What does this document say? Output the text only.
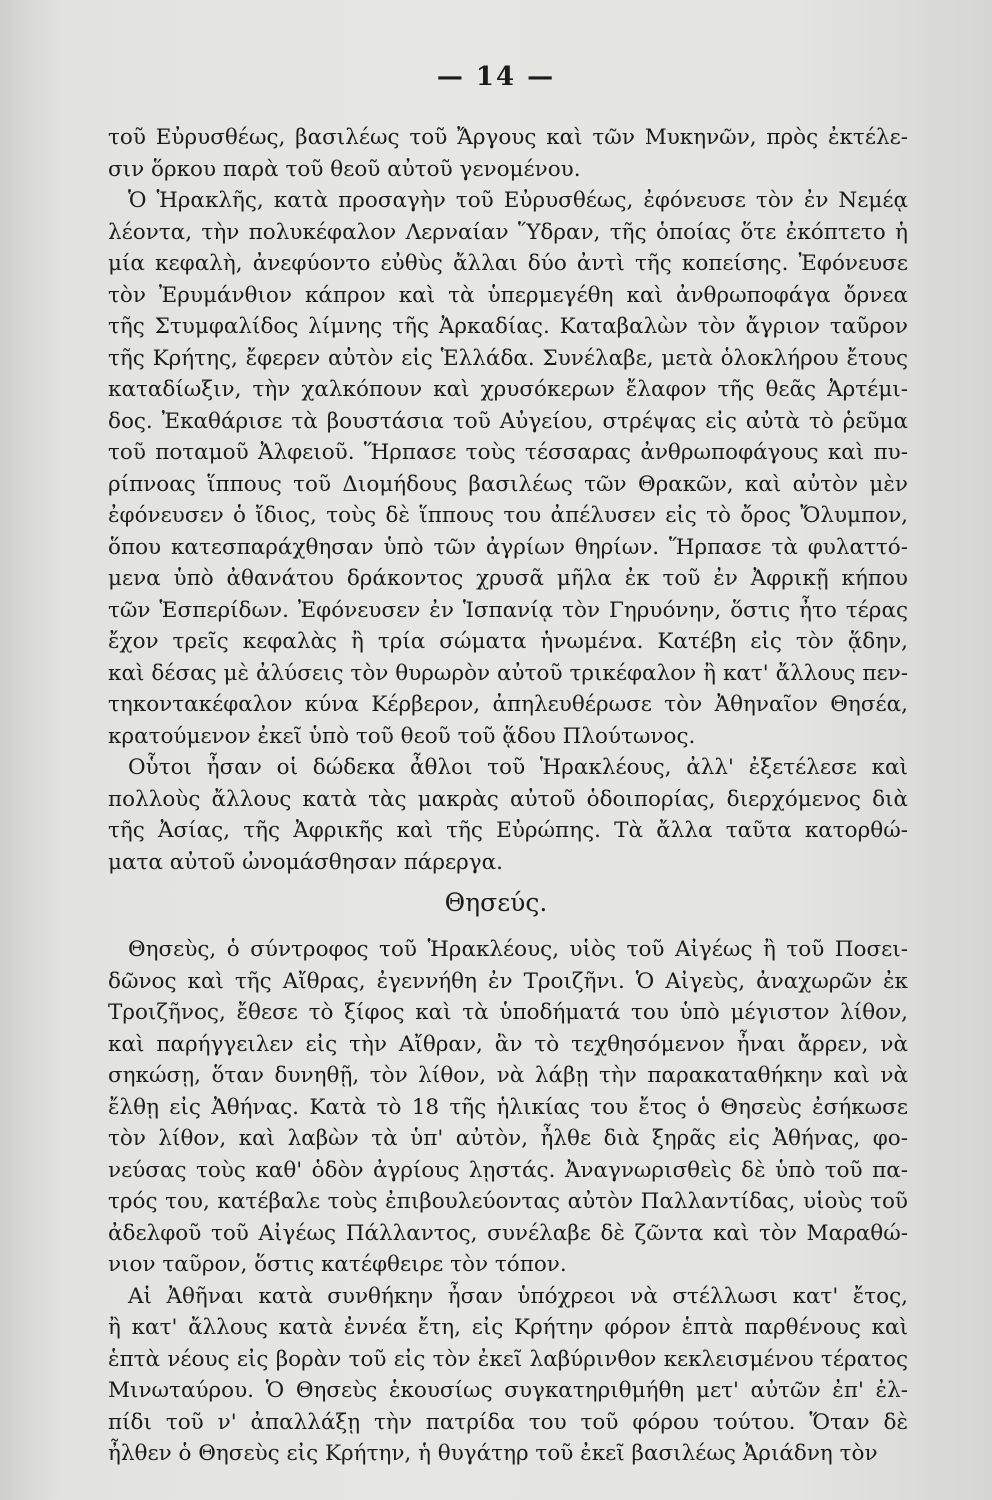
— 14 —
τοῦ Εὐρυσθέως, βασιλέως τοῦ Ἄργους καὶ τῶν Μυκηνῶν, πρὸς ἐκτέλε-
σιν ὅρκου παρὰ τοῦ θεοῦ αὐτοῦ γενομένου.
Ὁ Ἡρακλῆς, κατὰ προσαγὴν τοῦ Εὐρυσθέως, ἐφόνευσε τὸν ἐν Νεμέᾳ
λέοντα, τὴν πολυκέφαλον Λερναίαν Ὕδραν, τῆς ὁποίας ὅτε ἐκόπτετο ἡ
μία κεφαλὴ, ἀνεφύοντο εὐθὺς ἄλλαι δύο ἀντὶ τῆς κοπείσης. Ἐφόνευσε
τὸν Ἐρυμάνθιον κάπρον καὶ τὰ ὑπερμεγέθη καὶ ἀνθρωποφάγα ὄρνεα
τῆς Στυμφαλίδος λίμνης τῆς Ἀρκαδίας. Καταβαλὼν τὸν ἄγριον ταῦρον
τῆς Κρήτης, ἔφερεν αὐτὸν εἰς Ἑλλάδα. Συνέλαβε, μετὰ ὁλοκλήρου ἔτους
καταδίωξιν, τὴν χαλκόπουν καὶ χρυσόκερων ἔλαφον τῆς θεᾶς Ἀρτέμι-
δος. Ἐκαθάρισε τὰ βουστάσια τοῦ Αὐγείου, στρέψας εἰς αὐτὰ τὸ ῥεῦμα
τοῦ ποταμοῦ Ἀλφειοῦ. Ἥρπασε τοὺς τέσσαρας ἀνθρωποφάγους καὶ πυ-
ρίπνοας ἵππους τοῦ Διομήδους βασιλέως τῶν Θρακῶν, καὶ αὐτὸν μὲν
ἐφόνευσεν ὁ ἴδιος, τοὺς δὲ ἵππους του ἀπέλυσεν εἰς τὸ ὄρος Ὄλυμπον,
ὅπου κατεσπαράχθησαν ὑπὸ τῶν ἀγρίων θηρίων. Ἥρπασε τὰ φυλαττό-
μενα ὑπὸ ἀθανάτου δράκοντος χρυσᾶ μῆλα ἐκ τοῦ ἐν Ἀφρικῇ κήπου
τῶν Ἑσπερίδων. Ἐφόνευσεν ἐν Ἱσπανίᾳ τὸν Γηρυόνην, ὅστις ἦτο τέρας
ἔχον τρεῖς κεφαλὰς ἢ τρία σώματα ἡνωμένα. Κατέβη εἰς τὸν ᾅδην,
καὶ δέσας μὲ ἀλύσεις τὸν θυρωρὸν αὐτοῦ τρικέφαλον ἢ κατ' ἄλλους πεν-
τηκοντακέφαλον κύνα Κέρβερον, ἀπηλευθέρωσε τὸν Ἀθηναῖον Θησέα,
κρατούμενον ἐκεῖ ὑπὸ τοῦ θεοῦ τοῦ ᾅδου Πλούτωνος.
Οὗτοι ἦσαν οἱ δώδεκα ἆθλοι τοῦ Ἡρακλέους, ἀλλ' ἐξετέλεσε καὶ
πολλοὺς ἄλλους κατὰ τὰς μακρὰς αὐτοῦ ὁδοιπορίας, διερχόμενος διὰ
τῆς Ἀσίας, τῆς Ἀφρικῆς καὶ τῆς Εὐρώπης. Τὰ ἄλλα ταῦτα κατορθώ-
ματα αὐτοῦ ὠνομάσθησαν πάρεργα.
Θησεύς.
Θησεὺς, ὁ σύντροφος τοῦ Ἡρακλέους, υἱὸς τοῦ Αἰγέως ἢ τοῦ Ποσει-
δῶνος καὶ τῆς Αἴθρας, ἐγεννήθη ἐν Τροιζῆνι. Ὁ Αἰγεὺς, ἀναχωρῶν ἐκ
Τροιζῆνος, ἔθεσε τὸ ξίφος καὶ τὰ ὑποδήματά του ὑπὸ μέγιστον λίθον,
καὶ παρήγγειλεν εἰς τὴν Αἴθραν, ἂν τὸ τεχθησόμενον ἦναι ἄρρεν, νὰ
σηκώσῃ, ὅταν δυνηθῇ, τὸν λίθον, νὰ λάβῃ τὴν παρακαταθήκην καὶ νὰ
ἔλθῃ εἰς Ἀθήνας. Κατὰ τὸ 18 τῆς ἡλικίας του ἔτος ὁ Θησεὺς ἐσήκωσε
τὸν λίθον, καὶ λαβὼν τὰ ὑπ' αὐτὸν, ἦλθε διὰ ξηρᾶς εἰς Ἀθήνας, φο-
νεύσας τοὺς καθ' ὁδὸν ἀγρίους λῃστάς. Ἀναγνωρισθεὶς δὲ ὑπὸ τοῦ πα-
τρός του, κατέβαλε τοὺς ἐπιβουλεύοντας αὐτὸν Παλλαντίδας, υἱοὺς τοῦ
ἀδελφοῦ τοῦ Αἰγέως Πάλλαντος, συνέλαβε δὲ ζῶντα καὶ τὸν Μαραθώ-
νιον ταῦρον, ὅστις κατέφθειρε τὸν τόπον.
Αἱ Ἀθῆναι κατὰ συνθήκην ἦσαν ὑπόχρεοι νὰ στέλλωσι κατ' ἔτος,
ἢ κατ' ἄλλους κατὰ ἐννέα ἔτη, εἰς Κρήτην φόρον ἑπτὰ παρθένους καὶ
ἑπτὰ νέους εἰς βορὰν τοῦ εἰς τὸν ἐκεῖ λαβύρινθον κεκλεισμένου τέρατος
Μινωταύρου. Ὁ Θησεὺς ἑκουσίως συγκατηριθμήθη μετ' αὐτῶν ἐπ' ἐλ-
πίδι τοῦ ν' ἀπαλλάξῃ τὴν πατρίδα του τοῦ φόρου τούτου. Ὅταν δὲ
ἦλθεν ὁ Θησεὺς εἰς Κρήτην, ἡ θυγάτηρ τοῦ ἐκεῖ βασιλέως Ἀριάδνη τὸν
